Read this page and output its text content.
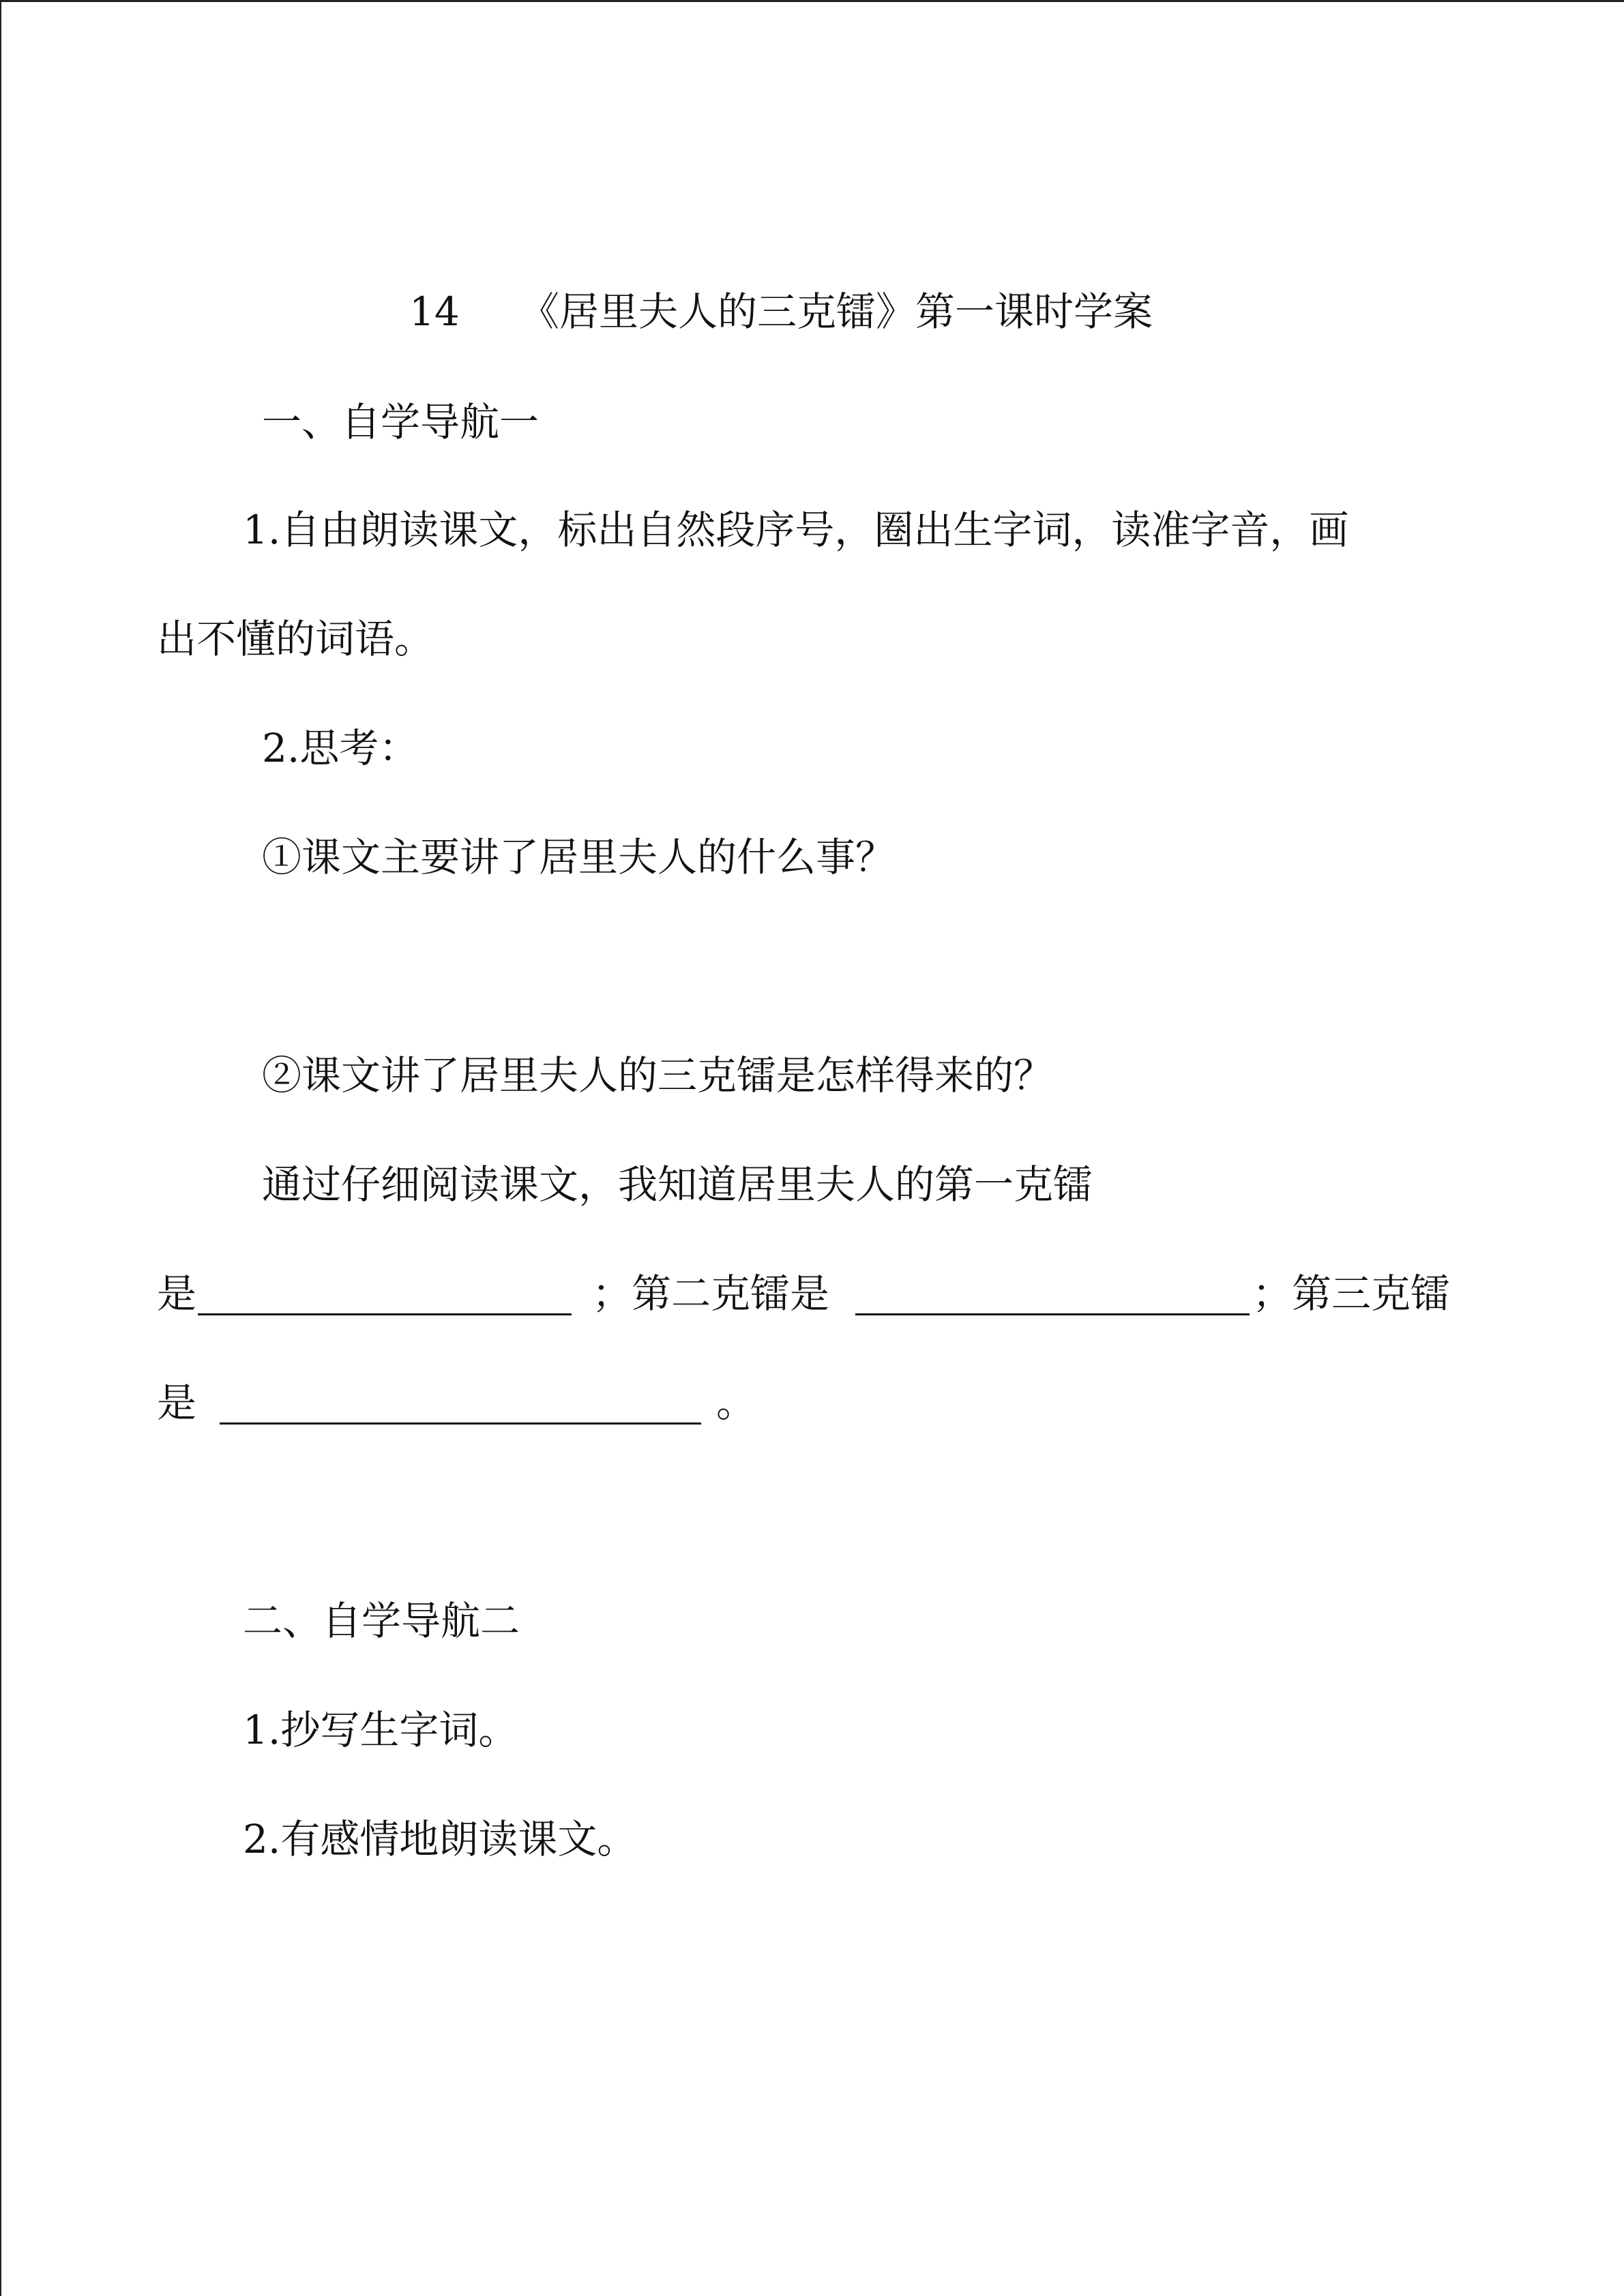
14 《居里夫人的三克镭》第一课时学案

一、自学导航一

1.自由朗读课文，标出自然段序号，圈出生字词，读准字音，画

出不懂的词语。

2.思考：

①课文主要讲了居里夫人的什么事？

②课文讲了居里夫人的三克镭是怎样得来的？

通过仔细阅读课文，我知道居里夫人的第一克镭

是	；第二克镭是	；第三克镭
是	。

二、自学导航二

1.抄写生字词。

2.有感情地朗读课文。
